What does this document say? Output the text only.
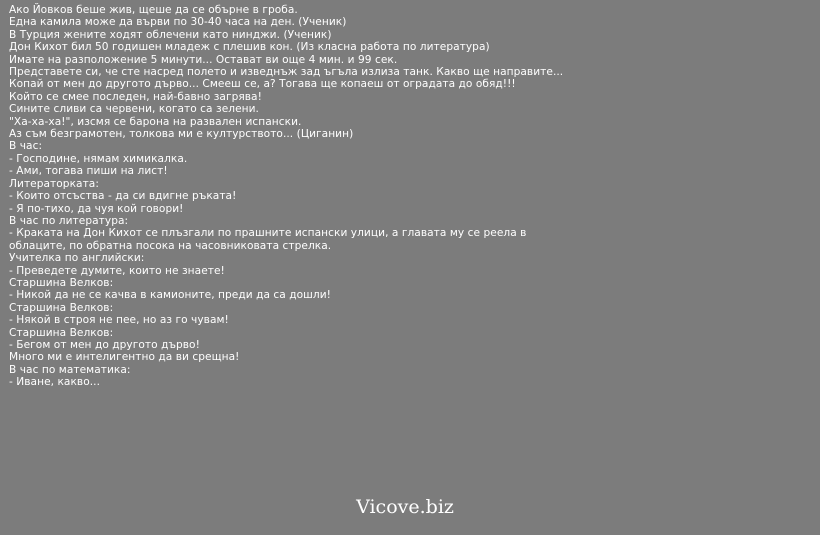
Ако Йовков беше жив, щеше да се обърне в гроба.
Една камила може да върви по 30-40 часа на ден. (Ученик)
В Турция жените ходят облечени като нинджи. (Ученик)
Дон Кихот бил 50 годишен младеж с плешив кон. (Из класна работа по литература)
Имате на разположение 5 минути... Остават ви още 4 мин. и 99 сек.
Представете си, че сте насред полето и изведнъж зад ъгъла излиза танк. Какво ще направите...
Копай от мен до другото дърво... Смееш се, а? Тогава ще копаеш от оградата до обяд!!!
Който се смее последен, най-бавно загрява!
Сините сливи са червени, когато са зелени.
"Ха-ха-ха!", изсмя се барона на развален испански.
Аз съм безграмотен, толкова ми е културството... (Циганин)
В час:
- Господине, нямам химикалка.
- Ами, тогава пиши на лист!
Литераторката:
- Които отсъства - да си вдигне ръката!
- Я по-тихо, да чуя кой говори!
В час по литература:
- Краката на Дон Кихот се плъзгали по прашните испански улици, а главата му се реела в
облаците, по обратна посока на часовниковата стрелка.
Учителка по английски:
- Преведете думите, които не знаете!
Старшина Велков:
- Никой да не се качва в камионите, преди да са дошли!
Старшина Велков:
- Някой в строя не пее, но аз го чувам!
Старшина Велков:
- Бегом от мен до другото дърво!
Много ми е интелигентно да ви срещна!
В час по математика:
- Иване, какво...
Vicove.biz
